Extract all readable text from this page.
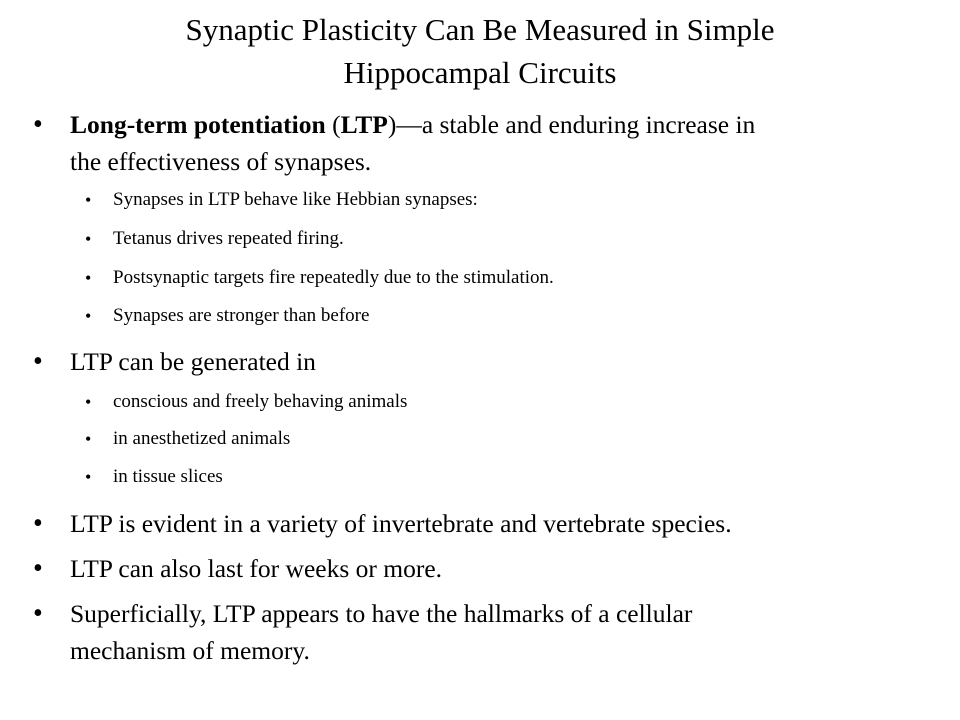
Synaptic Plasticity Can Be Measured in Simple
Hippocampal Circuits
• Long-term potentiation (LTP)—a stable and enduring increase in
the effectiveness of synapses.
• Synapses in LTP behave like Hebbian synapses:
• Tetanus drives repeated firing.
• Postsynaptic targets fire repeatedly due to the stimulation.
• Synapses are stronger than before
• LTP can be generated in
• conscious and freely behaving animals
• in anesthetized animals
• in tissue slices
• LTP is evident in a variety of invertebrate and vertebrate species.
• LTP can also last for weeks or more.
• Superficially, LTP appears to have the hallmarks of a cellular
mechanism of memory.
